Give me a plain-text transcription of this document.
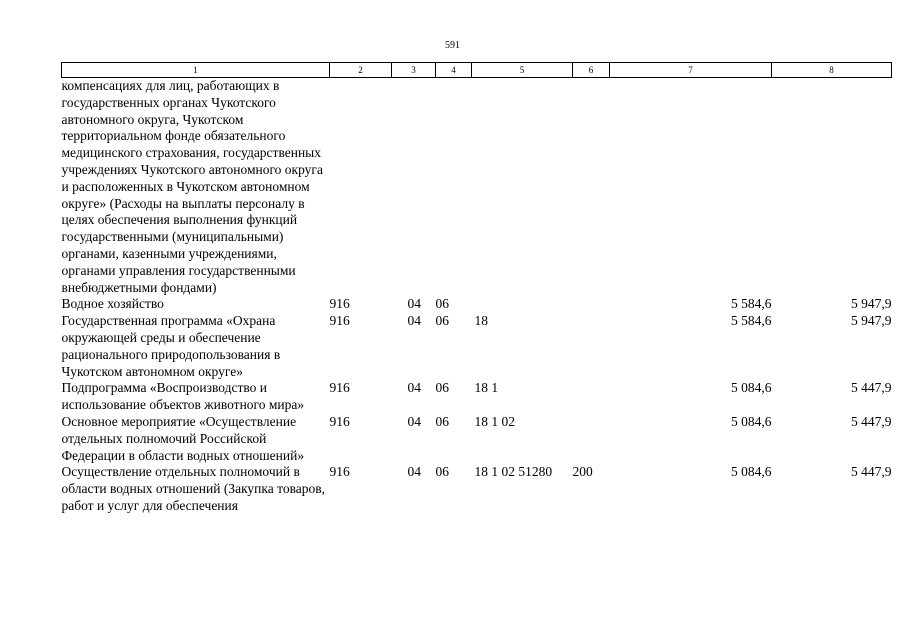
591
1	2	3	4	5	6	7	8
компенсациях для лиц, работающих в государственных органах Чукотского автономного округа, Чукотском территориальном фонде обязательного медицинского страхования, государственных учреждениях Чукотского автономного округа и расположенных в Чукотском автономном округе» (Расходы на выплаты персоналу в целях обеспечения выполнения функций государственными (муниципальными) органами, казенными учреждениями, органами управления государственными внебюджетными фондами)							
Водное хозяйство	916	04	06			5 584,6	5 947,9
Государственная программа «Охрана окружающей среды и обеспечение рационального природопользования в Чукотском автономном округе»	916	04	06	18		5 584,6	5 947,9
Подпрограмма «Воспроизводство и использование объектов животного мира»	916	04	06	18 1		5 084,6	5 447,9
Основное мероприятие «Осуществление отдельных полномочий Российской Федерации в области водных отношений»	916	04	06	18 1 02		5 084,6	5 447,9
Осуществление отдельных полномочий в области водных отношений (Закупка товаров, работ и услуг для обеспечения	916	04	06	18 1 02 51280	200	5 084,6	5 447,9
